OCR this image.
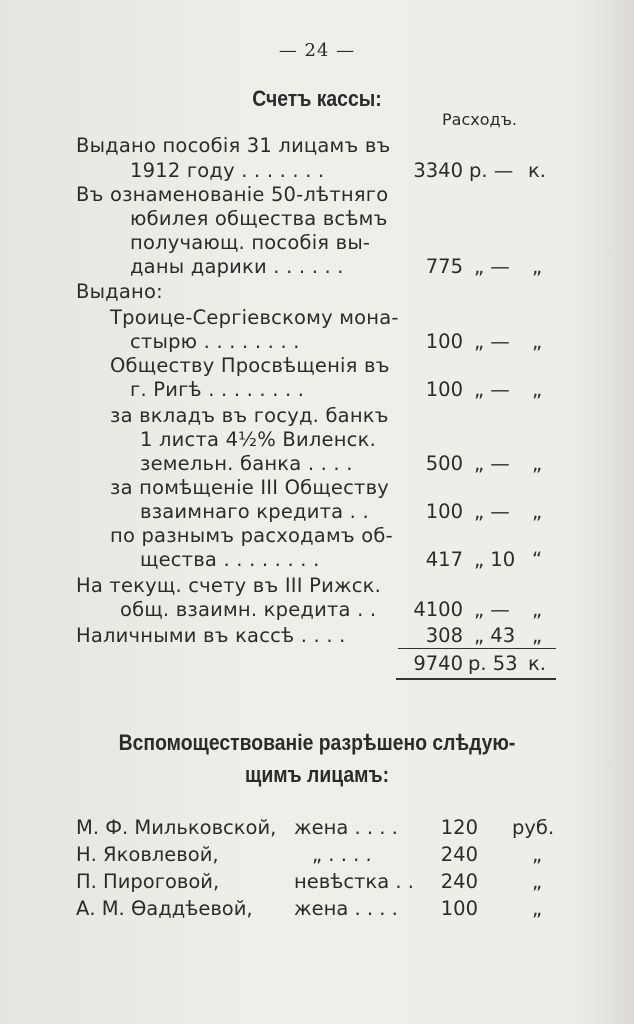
— 24 —
Счетъ кассы:
Расходъ.
Выдано пособія 31 лицамъ въ
1912 году . . . . . . .	3340 р. — к.
Въ ознаменованіе 50-лѣтняго
юбилея общества всѣмъ
получающ. пособія вы-
даны дарики . . . . . .	775 „ — „
Выдано:
Троице-Сергіевскому мона-
стырю . . . . . . . .	100 „ — „
Обществу Просвѣщенія въ
г. Ригѣ . . . . . . . .	100 „ — „
за вкладъ въ госуд. банкъ
1 листа 4½% Виленск.
земельн. банка . . . .	500 „ — „
за помѣщеніе III Обществу
взаимнаго кредита . .	100 „ — „
по разнымъ расходамъ об-
щества . . . . . . . .	417 „ 10 “
На текущ. счету въ III Рижск.
общ. взаимн. кредита . .	4100 „ — „
Наличными въ кассѣ . . . .	308 „ 43 „
9740 р. 53 к.
Вспомоществованіе разрѣшено слѣдую-
щимъ лицамъ:
М. Ф. Мильковской, жена . . . .	120 руб.
Н. Яковлевой,	„ . . . .	240	„
П. Пироговой,	невѣстка . .	240	„
А. М. Ѳаддѣевой, жена . . . .	100	„
